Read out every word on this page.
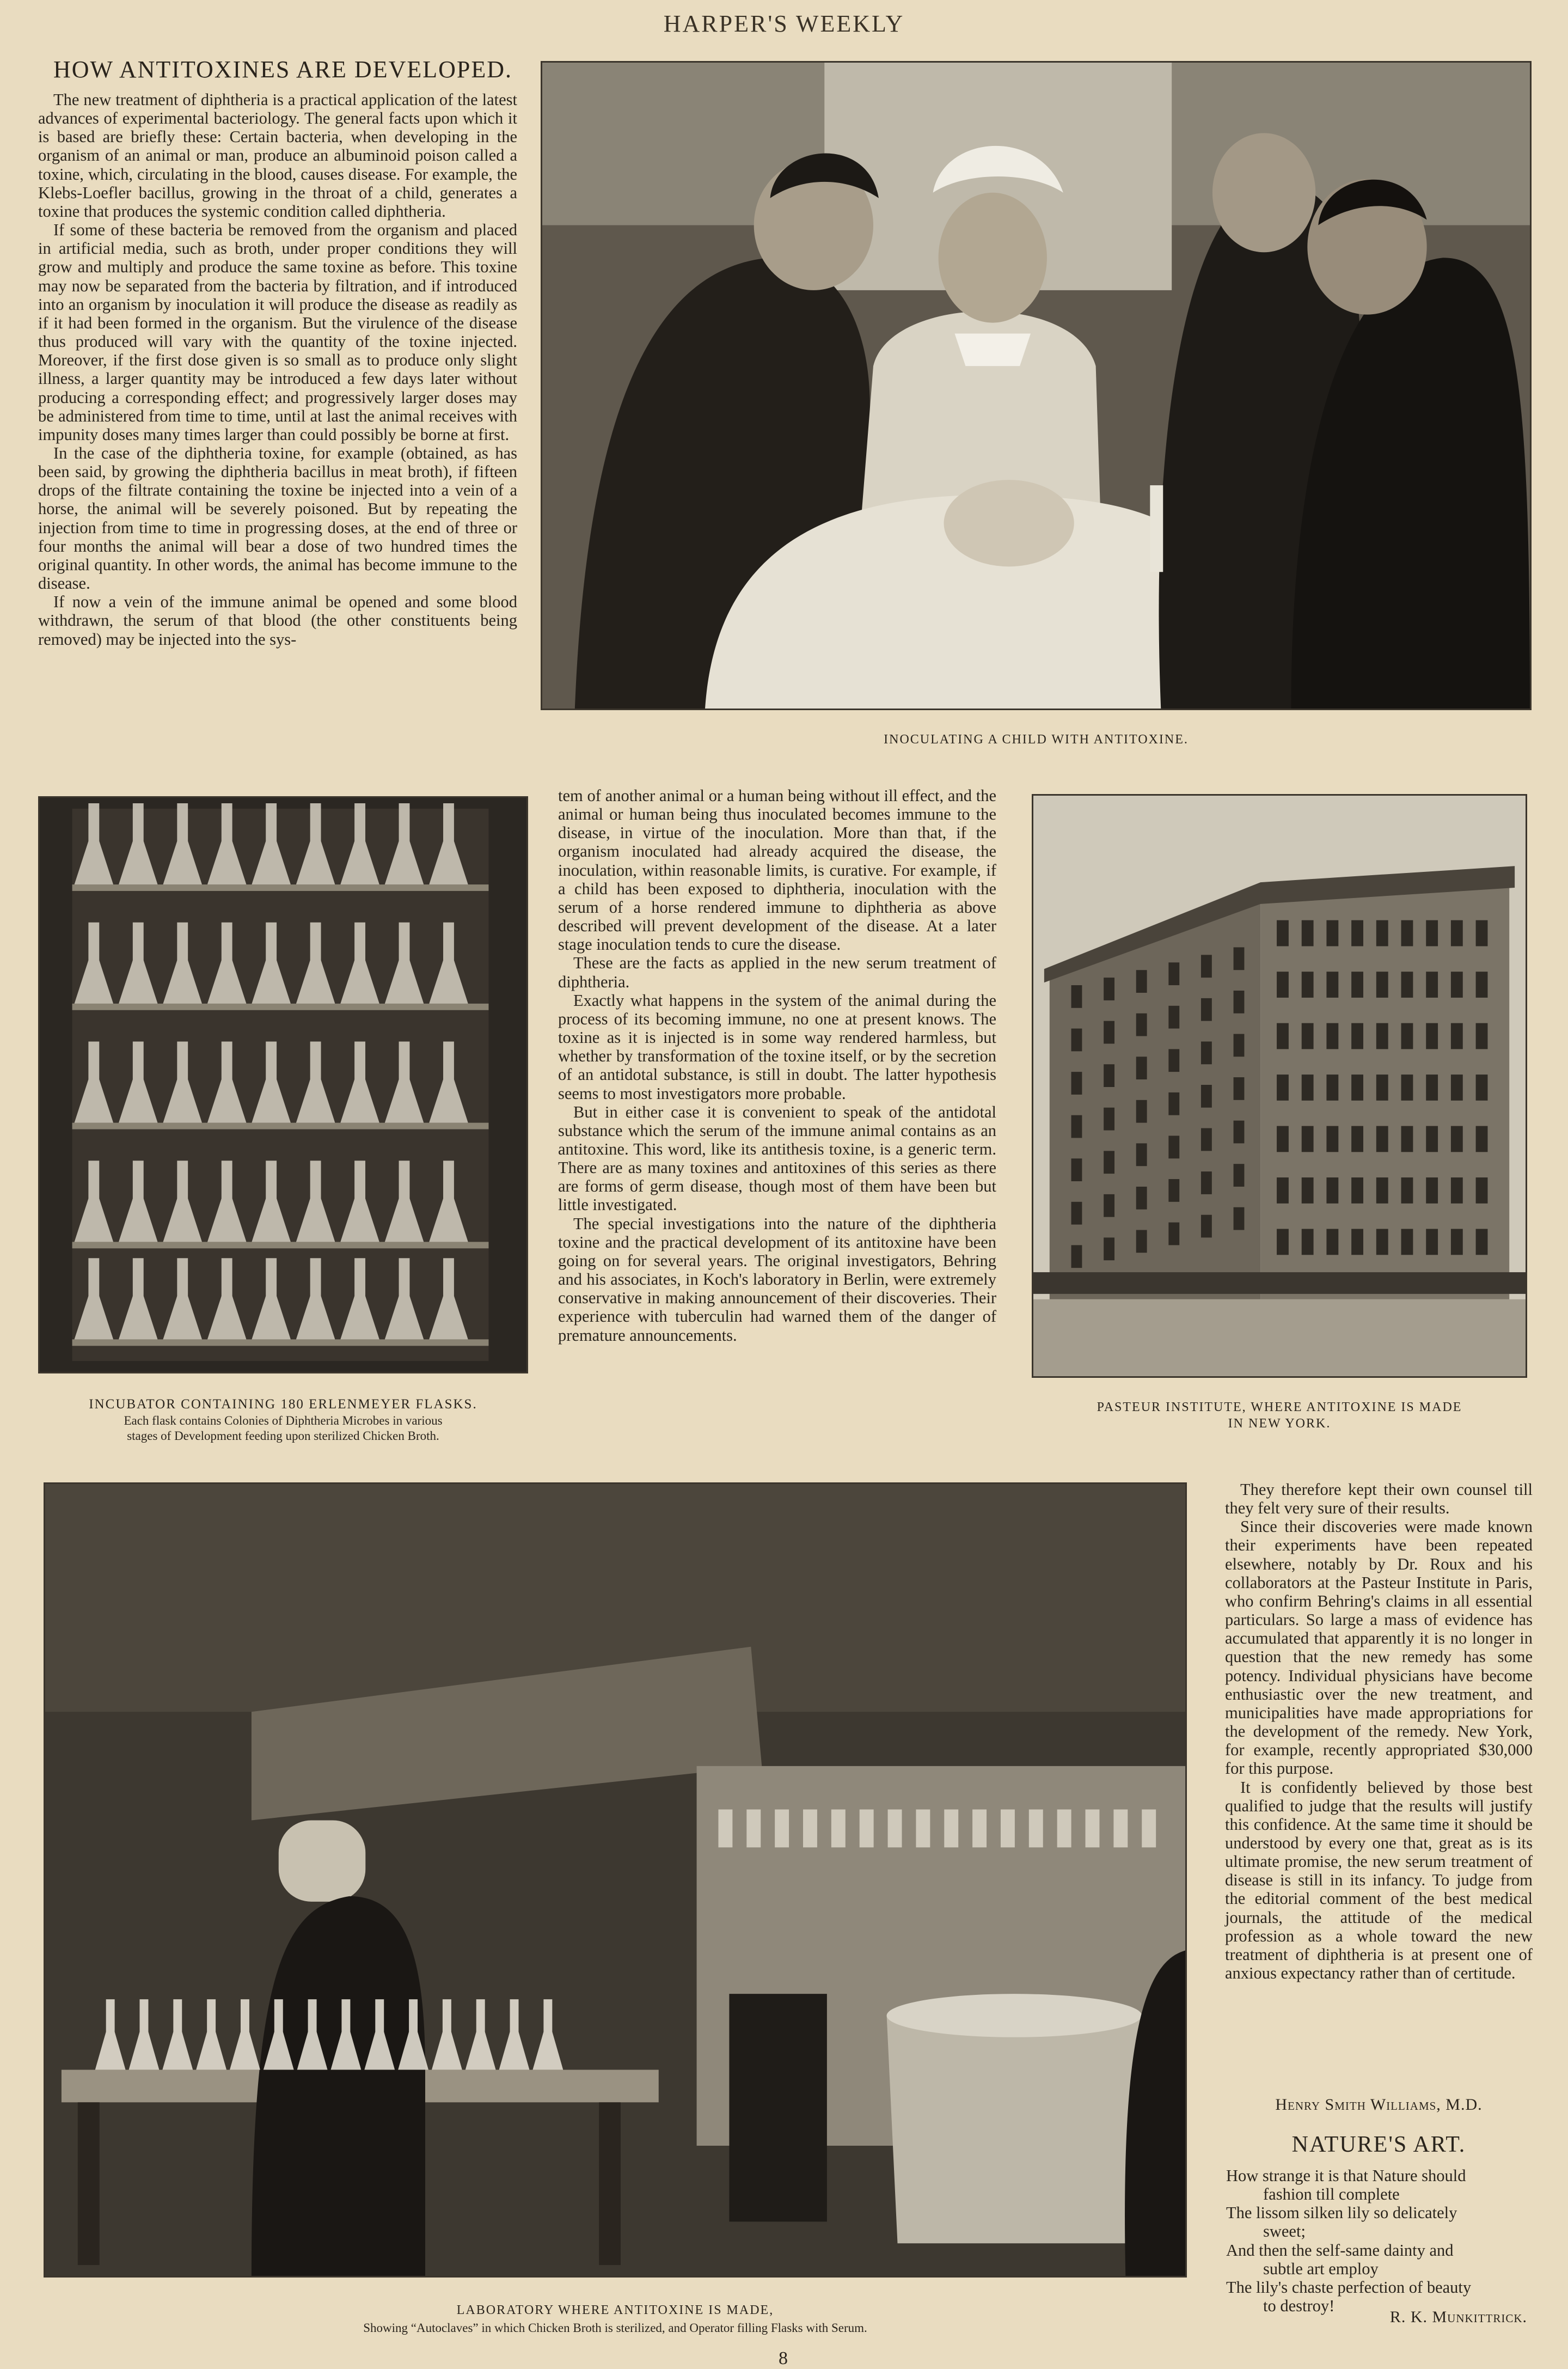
HARPER'S WEEKLY
HOW ANTITOXINES ARE DEVELOPED.

The new treatment of diphtheria is a practical application of the latest advances of experimental bacteriology. The general facts upon which it is based are briefly these: Certain bacteria, when developing in the organism of an animal or man, produce an albuminoid poison called a toxine, which, circulating in the blood, causes disease. For example, the Klebs-Loefler bacillus, growing in the throat of a child, generates a toxine that produces the systemic condition called diphtheria.

If some of these bacteria be removed from the organism and placed in artificial media, such as broth, under proper conditions they will grow and multiply and produce the same toxine as before. This toxine may now be separated from the bacteria by filtration, and if introduced into an organism by inoculation it will produce the disease as readily as if it had been formed in the organism. But the virulence of the disease thus produced will vary with the quantity of the toxine injected. Moreover, if the first dose given is so small as to produce only slight illness, a larger quantity may be introduced a few days later without producing a corresponding effect; and progressively larger doses may be administered from time to time, until at last the animal receives with impunity doses many times larger than could possibly be borne at first.

In the case of the diphtheria toxine, for example (obtained, as has been said, by growing the diphtheria bacillus in meat broth), if fifteen drops of the filtrate containing the toxine be injected into a vein of a horse, the animal will be severely poisoned. But by repeating the injection from time to time in progressing doses, at the end of three or four months the animal will bear a dose of two hundred times the original quantity. In other words, the animal has become immune to the disease.

If now a vein of the immune animal be opened and some blood withdrawn, the serum of that blood (the other constituents being removed) may be injected into the sys-

INOCULATING A CHILD WITH ANTITOXINE.
INCUBATOR CONTAINING 180 ERLENMEYER FLASKS.
Each flask contains Colonies of Diphtheria Microbes in various
stages of Development feeding upon sterilized Chicken Broth.

tem of another animal or a human being without ill effect, and the animal or human being thus inoculated becomes immune to the disease, in virtue of the inoculation. More than that, if the organism inoculated had already acquired the disease, the inoculation, within reasonable limits, is curative. For example, if a child has been exposed to diphtheria, inoculation with the serum of a horse rendered immune to diphtheria as above described will prevent development of the disease. At a later stage inoculation tends to cure the disease.

These are the facts as applied in the new serum treatment of diphtheria.

Exactly what happens in the system of the animal during the process of its becoming immune, no one at present knows. The toxine as it is injected is in some way rendered harmless, but whether by transformation of the toxine itself, or by the secretion of an antidotal substance, is still in doubt. The latter hypothesis seems to most investigators more probable.

But in either case it is convenient to speak of the antidotal substance which the serum of the immune animal contains as an antitoxine. This word, like its antithesis toxine, is a generic term. There are as many toxines and antitoxines of this series as there are forms of germ disease, though most of them have been but little investigated.

The special investigations into the nature of the diphtheria toxine and the practical development of its antitoxine have been going on for several years. The original investigators, Behring and his associates, in Koch's laboratory in Berlin, were extremely conservative in making announcement of their discoveries. Their experience with tuberculin had warned them of the danger of premature announcements.

PASTEUR INSTITUTE, WHERE ANTITOXINE IS MADE
IN NEW YORK.
LABORATORY WHERE ANTITOXINE IS MADE,
Showing “Autoclaves” in which Chicken Broth is sterilized, and Operator filling Flasks with Serum.

They therefore kept their own counsel till they felt very sure of their results.

Since their discoveries were made known their experiments have been repeated elsewhere, notably by Dr. Roux and his collaborators at the Pasteur Institute in Paris, who confirm Behring's claims in all essential particulars. So large a mass of evidence has accumulated that apparently it is no longer in question that the new remedy has some potency. Individual physicians have become enthusiastic over the new treatment, and municipalities have made appropriations for the development of the remedy. New York, for example, recently appropriated $30,000 for this purpose.

It is confidently believed by those best qualified to judge that the results will justify this confidence. At the same time it should be understood by every one that, great as is its ultimate promise, the new serum treatment of disease is still in its infancy. To judge from the editorial comment of the best medical journals, the attitude of the medical profession as a whole toward the new treatment of diphtheria is at present one of anxious expectancy rather than of certitude.

Henry Smith Williams, M.D.
NATURE'S ART.
How strange it is that Nature should
fashion till complete
The lissom silken lily so delicately
sweet;
And then the self-same dainty and
subtle art employ
The lily's chaste perfection of beauty
to destroy!
R. K. Munkittrick.
8
